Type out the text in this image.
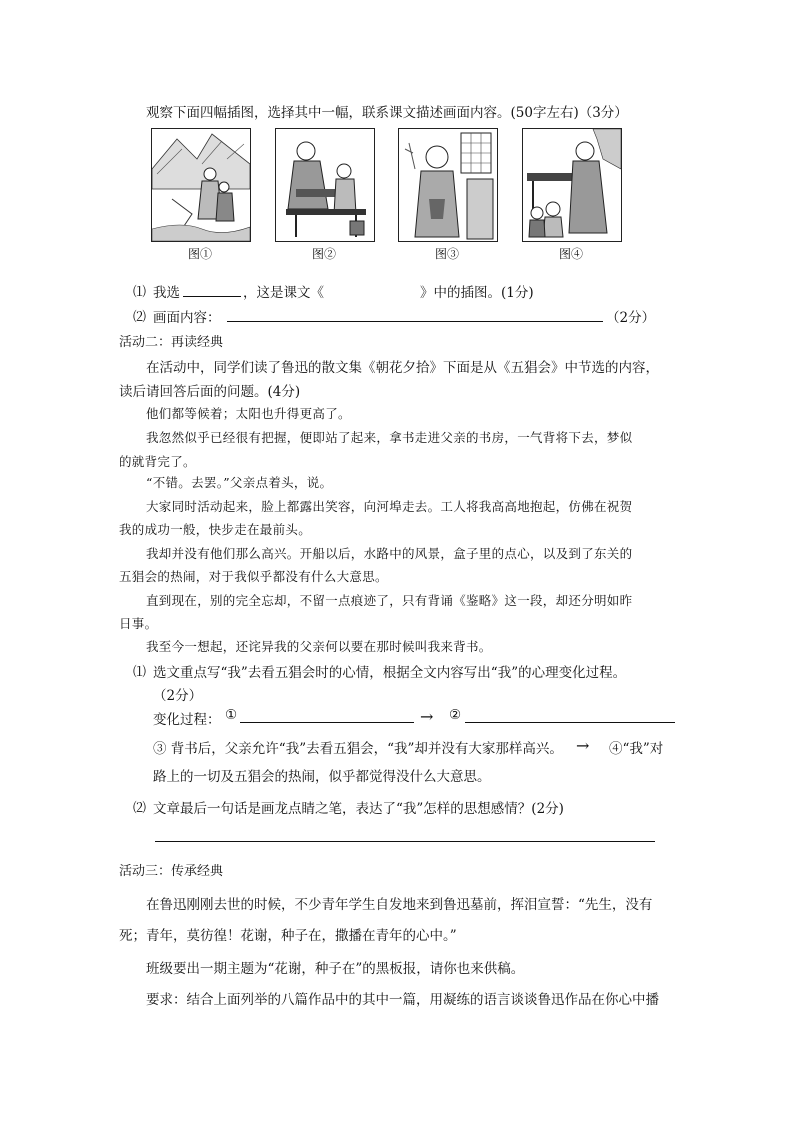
观察下面四幅插图，选择其中一幅，联系课文描述画面内容。(50字左右)（3分）
图①	图②	图③	图④
⑴ 我选	，这是课文《	》中的插图。(1分)
⑵ 画面内容：	（2分）
活动二：再读经典
在活动中，同学们读了鲁迅的散文集《朝花夕拾》下面是从《五猖会》中节选的内容，
读后请回答后面的问题。(4分)
他们都等候着；太阳也升得更高了。
我忽然似乎已经很有把握，便即站了起来，拿书走进父亲的书房，一气背将下去，梦似
的就背完了。
“不错。去罢。”父亲点着头，说。
大家同时活动起来，脸上都露出笑容，向河埠走去。工人将我高高地抱起，仿佛在祝贺
我的成功一般，快步走在最前头。
我却并没有他们那么高兴。开船以后，水路中的风景，盒子里的点心，以及到了东关的
五猖会的热闹，对于我似乎都没有什么大意思。
直到现在，别的完全忘却，不留一点痕迹了，只有背诵《鉴略》这一段，却还分明如昨
日事。
我至今一想起，还诧异我的父亲何以要在那时候叫我来背书。
⑴ 选文重点写“我”去看五猖会时的心情，根据全文内容写出“我”的心理变化过程。
（2分）
变化过程： ①	→ ②
③ 背书后，父亲允许“我”去看五猖会，“我”却并没有大家那样高兴。 → ④“我”对
路上的一切及五猖会的热闹，似乎都觉得没什么大意思。
⑵ 文章最后一句话是画龙点睛之笔，表达了“我”怎样的思想感情？(2分)
活动三：传承经典
在鲁迅刚刚去世的时候，不少青年学生自发地来到鲁迅墓前，挥泪宣誓：“先生，没有
死；青年，莫彷徨！花谢，种子在，撒播在青年的心中。”
班级要出一期主题为“花谢，种子在”的黑板报，请你也来供稿。
要求：结合上面列举的八篇作品中的其中一篇，用凝练的语言谈谈鲁迅作品在你心中播
